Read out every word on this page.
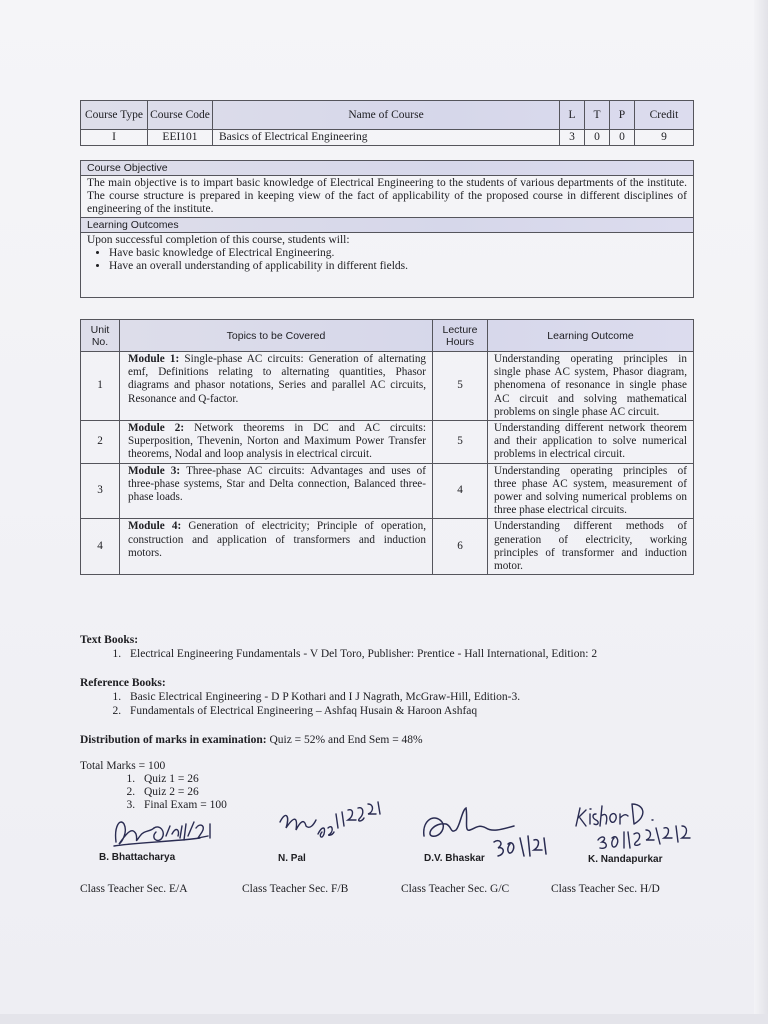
Course Type	Course Code	Name of Course	L	T	P	Credit
I	EEI101	Basics of Electrical Engineering	3	0	0	9
Course Objective
The main objective is to impart basic knowledge of Electrical Engineering to the students of various departments of the institute. The course structure is prepared in keeping view of the fact of applicability of the proposed course in different disciplines of engineering of the institute.
Learning Outcomes

Upon successful completion of this course, students will:
• Have basic knowledge of Electrical Engineering.
• Have an overall understanding of applicability in different fields.
Unit No.	Topics to be Covered	Lecture Hours	Learning Outcome
1	Module 1: Single-phase AC circuits: Generation of alternating emf, Definitions relating to alternating quantities, Phasor diagrams and phasor notations, Series and parallel AC circuits, Resonance and Q-factor.	5	Understanding operating principles in single phase AC system, Phasor diagram, phenomena of resonance in single phase AC circuit and solving mathematical problems on single phase AC circuit.
2	Module 2: Network theorems in DC and AC circuits: Superposition, Thevenin, Norton and Maximum Power Transfer theorems, Nodal and loop analysis in electrical circuit.	5	Understanding different network theorem and their application to solve numerical problems in electrical circuit.
3	Module 3: Three-phase AC circuits: Advantages and uses of three-phase systems, Star and Delta connection, Balanced three-phase loads.	4	Understanding operating principles of three phase AC system, measurement of power and solving numerical problems on three phase electrical circuits.
4	Module 4: Generation of electricity; Principle of operation, construction and application of transformers and induction motors.	6	Understanding different methods of generation of electricity, working principles of transformer and induction motor.
Text Books:
1. Electrical Engineering Fundamentals - V Del Toro, Publisher: Prentice - Hall International, Edition: 2
Reference Books:
1. Basic Electrical Engineering - D P Kothari and I J Nagrath, McGraw-Hill, Edition-3.
2. Fundamentals of Electrical Engineering – Ashfaq Husain & Haroon Ashfaq
Distribution of marks in examination: Quiz = 52% and End Sem = 48%
Total Marks = 100
1. Quiz 1 = 26
2. Quiz 2 = 26
3. Final Exam = 100
B. Bhattacharya	N. Pal	D.V. Bhaskar	K. Nandapurkar
Class Teacher Sec. E/A	Class Teacher Sec. F/B	Class Teacher Sec. G/C	Class Teacher Sec. H/D
